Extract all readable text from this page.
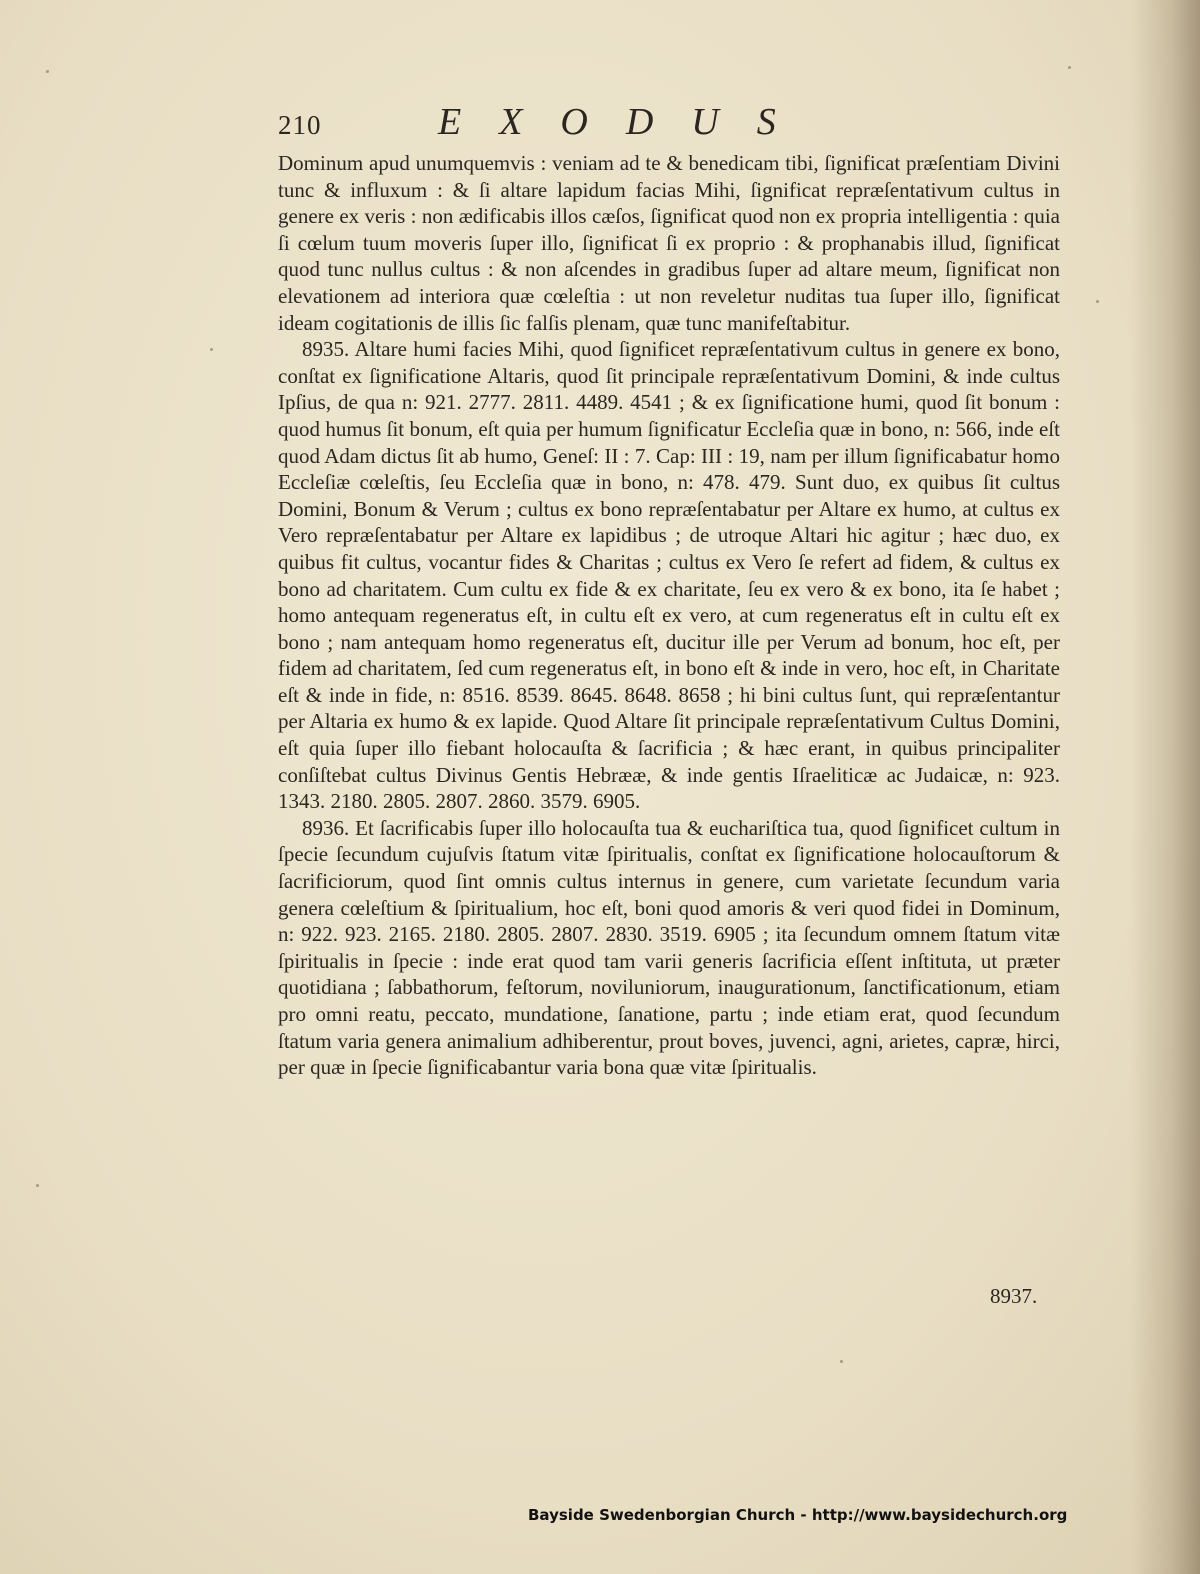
210	EXODUS

Dominum apud unumquemvis : veniam ad te & benedicam tibi, ſignificat præſentiam Divini tunc & influxum : & ſi altare lapidum facias Mihi, ſignificat repræſentativum cultus in genere ex veris : non ædificabis illos cæſos, ſignificat quod non ex propria intelligentia : quia ſi cœlum tuum moveris ſuper illo, ſignificat ſi ex proprio : & prophanabis illud, ſignificat quod tunc nullus cultus : & non aſcendes in gradibus ſuper ad altare meum, ſignificat non elevationem ad interiora quæ cœleſtia : ut non reveletur nuditas tua ſuper illo, ſignificat ideam cogitationis de illis ſic falſis plenam, quæ tunc manifeſtabitur.

8935. Altare humi facies Mihi, quod ſignificet repræſentativum cultus in genere ex bono, conſtat ex ſignificatione Altaris, quod ſit principale repræſentativum Domini, & inde cultus Ipſius, de qua n: 921. 2777. 2811. 4489. 4541 ; & ex ſignificatione humi, quod ſit bonum : quod humus ſit bonum, eſt quia per humum ſignificatur Eccleſia quæ in bono, n: 566, inde eſt quod Adam dictus ſit ab humo, Geneſ: II : 7. Cap: III : 19, nam per illum ſignificabatur homo Eccleſiæ cœleſtis, ſeu Eccleſia quæ in bono, n: 478. 479. Sunt duo, ex quibus ſit cultus Domini, Bonum & Verum ; cultus ex bono repræſentabatur per Altare ex humo, at cultus ex Vero repræſentabatur per Altare ex lapidibus ; de utroque Altari hic agitur ; hæc duo, ex quibus fit cultus, vocantur fides & Charitas ; cultus ex Vero ſe refert ad fidem, & cultus ex bono ad charitatem. Cum cultu ex fide & ex charitate, ſeu ex vero & ex bono, ita ſe habet ; homo antequam regeneratus eſt, in cultu eſt ex vero, at cum regeneratus eſt in cultu eſt ex bono ; nam antequam homo regeneratus eſt, ducitur ille per Verum ad bonum, hoc eſt, per fidem ad charitatem, ſed cum regeneratus eſt, in bono eſt & inde in vero, hoc eſt, in Charitate eſt & inde in fide, n: 8516. 8539. 8645. 8648. 8658 ; hi bini cultus ſunt, qui repræſentantur per Altaria ex humo & ex lapide. Quod Altare ſit principale repræſentativum Cultus Domini, eſt quia ſuper illo fiebant holocauſta & ſacrificia ; & hæc erant, in quibus principaliter conſiſtebat cultus Divinus Gentis Hebrææ, & inde gentis Iſraeliticæ ac Judaicæ, n: 923. 1343. 2180. 2805. 2807. 2860. 3579. 6905.

8936. Et ſacrificabis ſuper illo holocauſta tua & euchariſtica tua, quod ſignificet cultum in ſpecie ſecundum cujuſvis ſtatum vitæ ſpiritualis, conſtat ex ſignificatione holocauſtorum & ſacrificiorum, quod ſint omnis cultus internus in genere, cum varietate ſecundum varia genera cœleſtium & ſpiritualium, hoc eſt, boni quod amoris & veri quod fidei in Dominum, n: 922. 923. 2165. 2180. 2805. 2807. 2830. 3519. 6905 ; ita ſecundum omnem ſtatum vitæ ſpiritualis in ſpecie : inde erat quod tam varii generis ſacrificia eſſent inſtituta, ut præter quotidiana ; ſabbathorum, feſtorum, noviluniorum, inaugurationum, ſanctificationum, etiam pro omni reatu, peccato, mundatione, ſanatione, partu ; inde etiam erat, quod ſecundum ſtatum varia genera animalium adhiberentur, prout boves, juvenci, agni, arietes, capræ, hirci, per quæ in ſpecie ſignificabantur varia bona quæ vitæ ſpiritualis.

8937.
Bayside Swedenborgian Church - http://www.baysidechurch.org
